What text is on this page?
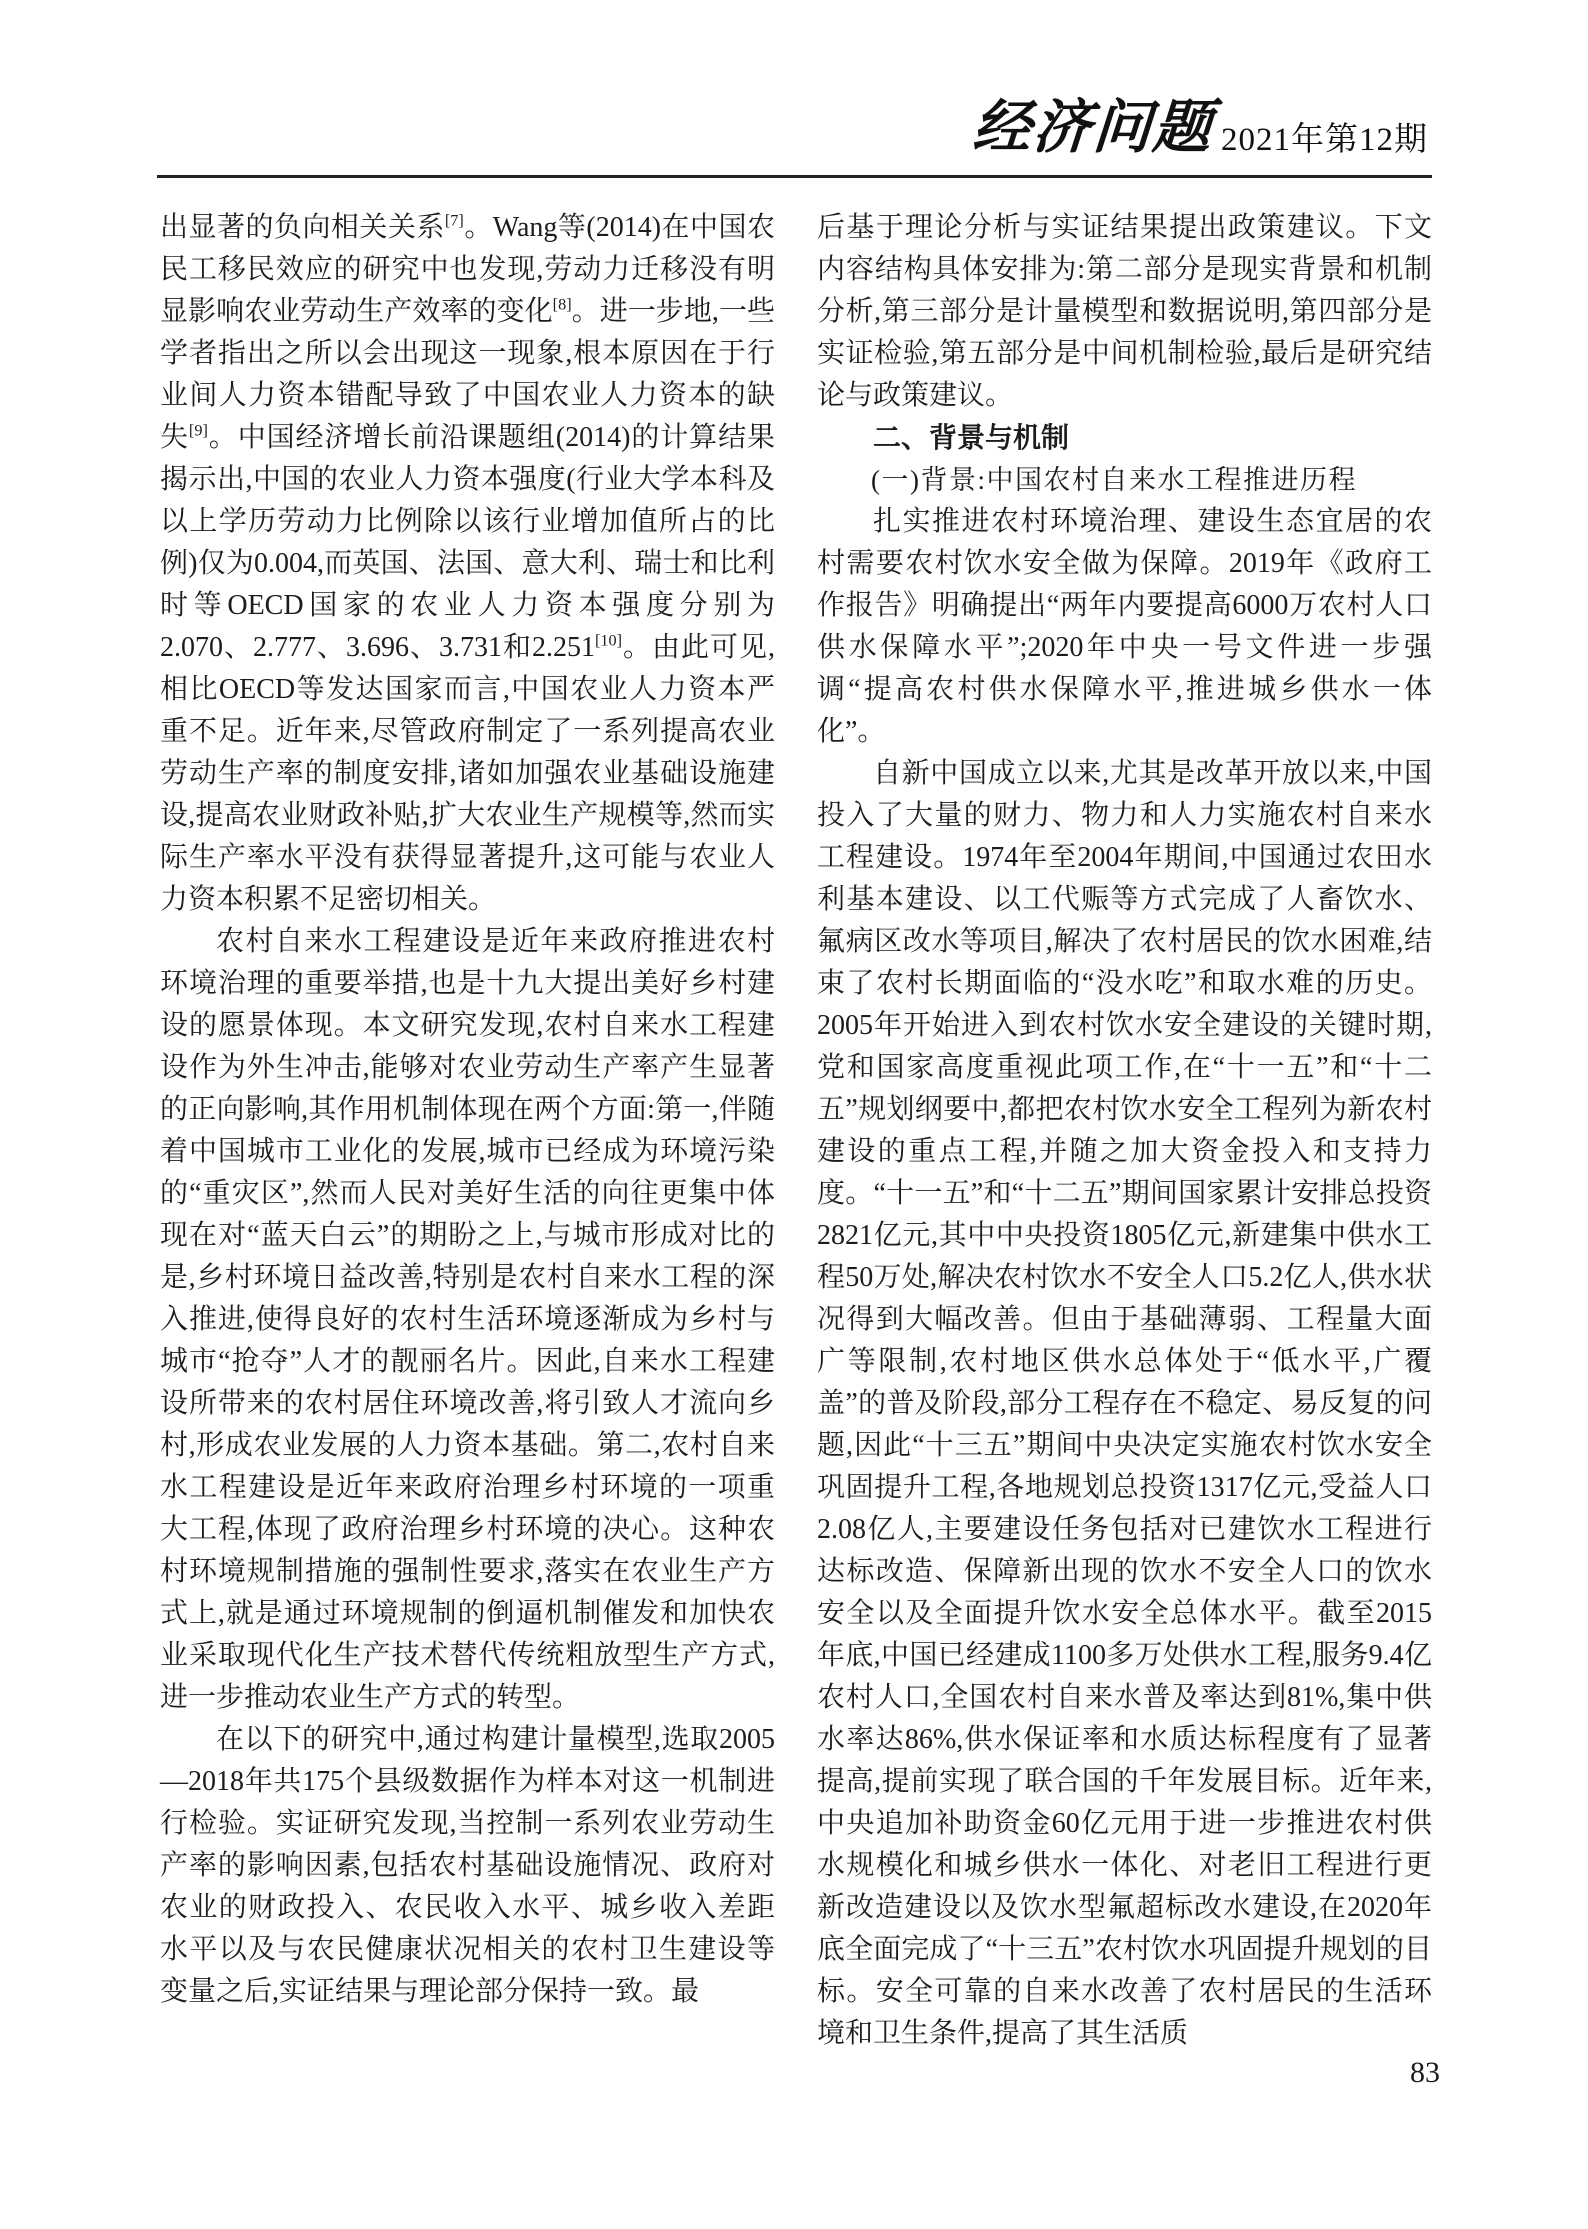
经济问题 2021年第12期

出显著的负向相关关系[7]。Wang等(2014)在中国农民工移民效应的研究中也发现,劳动力迁移没有明显影响农业劳动生产效率的变化[8]。进一步地,一些学者指出之所以会出现这一现象,根本原因在于行业间人力资本错配导致了中国农业人力资本的缺失[9]。中国经济增长前沿课题组(2014)的计算结果揭示出,中国的农业人力资本强度(行业大学本科及以上学历劳动力比例除以该行业增加值所占的比例)仅为0.004,而英国、法国、意大利、瑞士和比利时等OECD国家的农业人力资本强度分别为2.070、2.777、3.696、3.731和2.251[10]。由此可见,相比OECD等发达国家而言,中国农业人力资本严重不足。近年来,尽管政府制定了一系列提高农业劳动生产率的制度安排,诸如加强农业基础设施建设,提高农业财政补贴,扩大农业生产规模等,然而实际生产率水平没有获得显著提升,这可能与农业人力资本积累不足密切相关。

农村自来水工程建设是近年来政府推进农村环境治理的重要举措,也是十九大提出美好乡村建设的愿景体现。本文研究发现,农村自来水工程建设作为外生冲击,能够对农业劳动生产率产生显著的正向影响,其作用机制体现在两个方面:第一,伴随着中国城市工业化的发展,城市已经成为环境污染的“重灾区”,然而人民对美好生活的向往更集中体现在对“蓝天白云”的期盼之上,与城市形成对比的是,乡村环境日益改善,特别是农村自来水工程的深入推进,使得良好的农村生活环境逐渐成为乡村与城市“抢夺”人才的靓丽名片。因此,自来水工程建设所带来的农村居住环境改善,将引致人才流向乡村,形成农业发展的人力资本基础。第二,农村自来水工程建设是近年来政府治理乡村环境的一项重大工程,体现了政府治理乡村环境的决心。这种农村环境规制措施的强制性要求,落实在农业生产方式上,就是通过环境规制的倒逼机制催发和加快农业采取现代化生产技术替代传统粗放型生产方式,进一步推动农业生产方式的转型。

在以下的研究中,通过构建计量模型,选取2005—2018年共175个县级数据作为样本对这一机制进行检验。实证研究发现,当控制一系列农业劳动生产率的影响因素,包括农村基础设施情况、政府对农业的财政投入、农民收入水平、城乡收入差距水平以及与农民健康状况相关的农村卫生建设等变量之后,实证结果与理论部分保持一致。最

后基于理论分析与实证结果提出政策建议。下文内容结构具体安排为:第二部分是现实背景和机制分析,第三部分是计量模型和数据说明,第四部分是实证检验,第五部分是中间机制检验,最后是研究结论与政策建议。

二、背景与机制
(一)背景:中国农村自来水工程推进历程

扎实推进农村环境治理、建设生态宜居的农村需要农村饮水安全做为保障。2019年《政府工作报告》明确提出“两年内要提高6000万农村人口供水保障水平”;2020年中央一号文件进一步强调“提高农村供水保障水平,推进城乡供水一体化”。

自新中国成立以来,尤其是改革开放以来,中国投入了大量的财力、物力和人力实施农村自来水工程建设。1974年至2004年期间,中国通过农田水利基本建设、以工代赈等方式完成了人畜饮水、氟病区改水等项目,解决了农村居民的饮水困难,结束了农村长期面临的“没水吃”和取水难的历史。2005年开始进入到农村饮水安全建设的关键时期,党和国家高度重视此项工作,在“十一五”和“十二五”规划纲要中,都把农村饮水安全工程列为新农村建设的重点工程,并随之加大资金投入和支持力度。“十一五”和“十二五”期间国家累计安排总投资2821亿元,其中中央投资1805亿元,新建集中供水工程50万处,解决农村饮水不安全人口5.2亿人,供水状况得到大幅改善。但由于基础薄弱、工程量大面广等限制,农村地区供水总体处于“低水平,广覆盖”的普及阶段,部分工程存在不稳定、易反复的问题,因此“十三五”期间中央决定实施农村饮水安全巩固提升工程,各地规划总投资1317亿元,受益人口2.08亿人,主要建设任务包括对已建饮水工程进行达标改造、保障新出现的饮水不安全人口的饮水安全以及全面提升饮水安全总体水平。截至2015年底,中国已经建成1100多万处供水工程,服务9.4亿农村人口,全国农村自来水普及率达到81%,集中供水率达86%,供水保证率和水质达标程度有了显著提高,提前实现了联合国的千年发展目标。近年来,中央追加补助资金60亿元用于进一步推进农村供水规模化和城乡供水一体化、对老旧工程进行更新改造建设以及饮水型氟超标改水建设,在2020年底全面完成了“十三五”农村饮水巩固提升规划的目标。安全可靠的自来水改善了农村居民的生活环境和卫生条件,提高了其生活质

83
